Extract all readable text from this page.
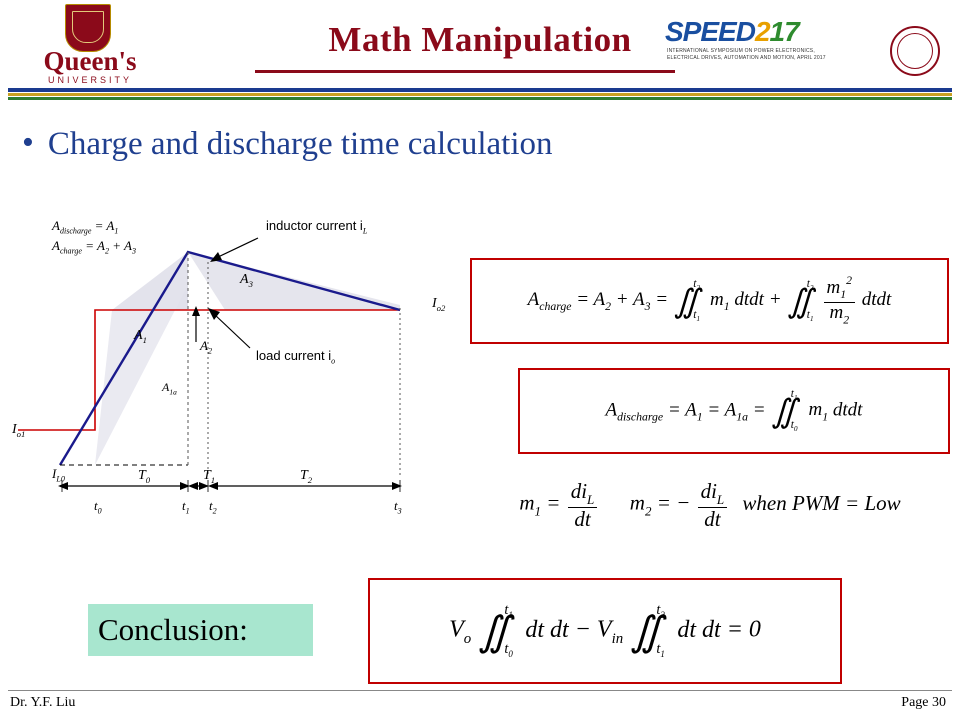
Queen's
UNIVERSITY
Math Manipulation	SPEED217
INTERNATIONAL SYMPOSIUM ON POWER ELECTRONICS, ELECTRICAL DRIVES, AUTOMATION AND MOTION, APRIL 2017
• Charge and discharge time calculation
$A_{discharge} = A_1$
$A_{charge} = A_2 + A_3$
inductor current $i_L$
load current $i_o$
$A_1$	$A_2$
$A_3$
$A_{1a}$
$I_{o1}$
$I_{o2}$
$I_{L0}$	$T_0$	$T_1$	$T_2$
$t_0$	$t_1$ $t_2$	$t_3$
$A_{charge} = A_2 + A_3$ = ∬ $t_2$
$t_1$
$m_1$ dtdt + ∬ $t_2$
$t_1$
$\frac{m_1^2}{m_2}$ dtdt
$A_{discharge} = A_1 = A_{1a}$ = ∬ $t_1$
$t_0$
$m_1$ dtdt
$m_1 = \frac{di_L}{dt} m_2$ = − $\frac{di_L}{dt}$ when PWM = Low
Conclusion:	$V_o$ ∬ $t_1$
$t_0$
dt dt − $V_{in}$ ∬ $t_2$
$t_1$
dt dt = 0
Dr. Y.F. Liu	Page 30
